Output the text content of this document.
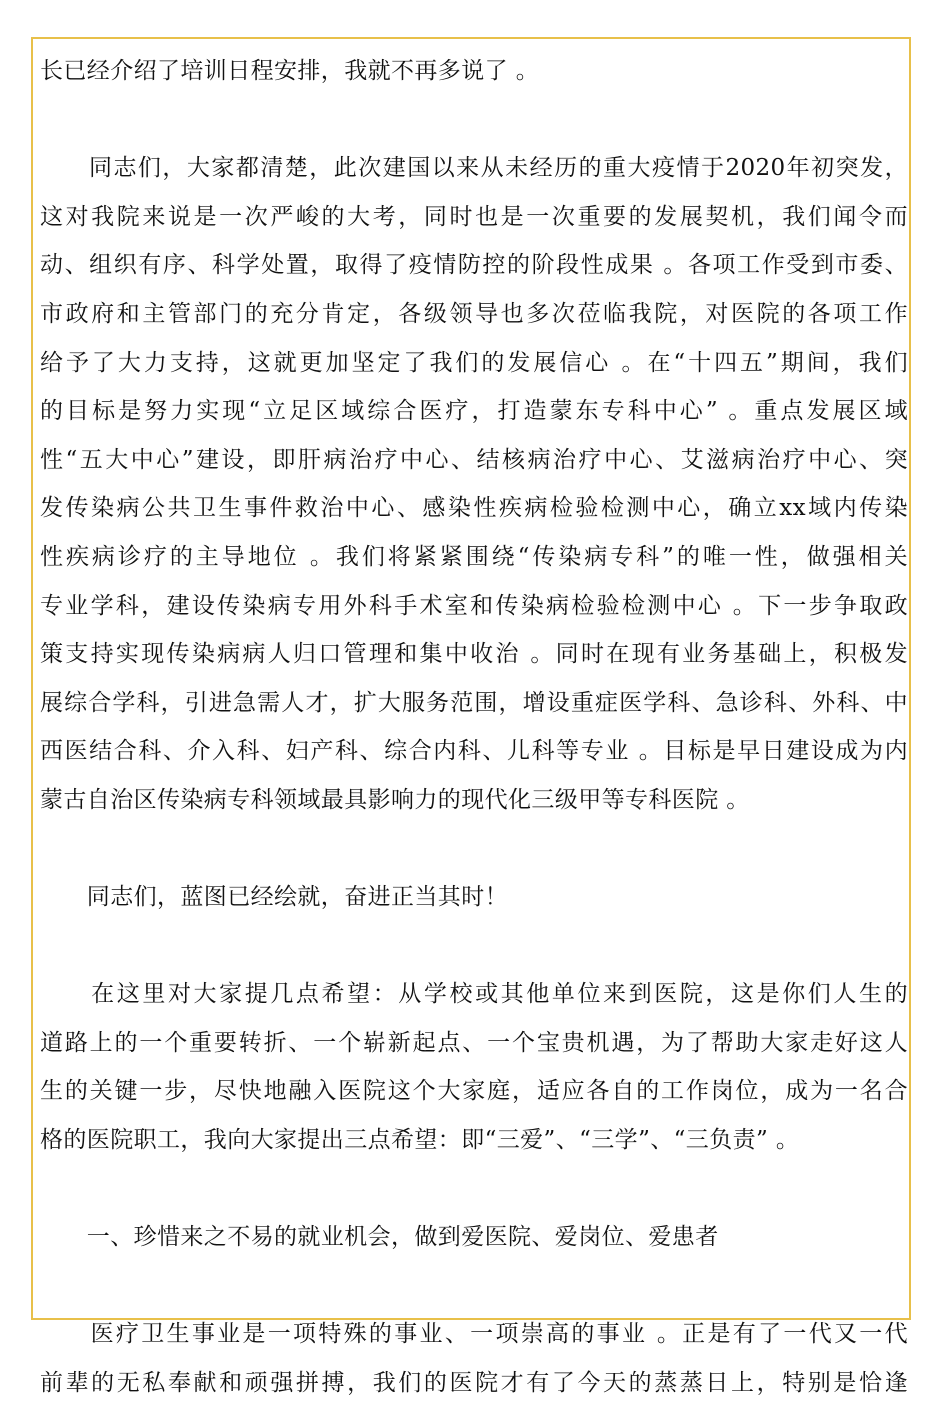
长已经介绍了培训日程安排，我就不再多说了 。
　　同志们，大家都清楚，此次建国以来从未经历的重大疫情于2020年初突发，
这对我院来说是一次严峻的大考，同时也是一次重要的发展契机，我们闻令而
动、组织有序、科学处置，取得了疫情防控的阶段性成果 。各项工作受到市委、
市政府和主管部门的充分肯定，各级领导也多次莅临我院，对医院的各项工作
给予了大力支持，这就更加坚定了我们的发展信心 。在“十四五”期间，我们
的目标是努力实现“立足区域综合医疗，打造蒙东专科中心” 。重点发展区域
性“五大中心”建设，即肝病治疗中心、结核病治疗中心、艾滋病治疗中心、突
发传染病公共卫生事件救治中心、感染性疾病检验检测中心，确立xx域内传染
性疾病诊疗的主导地位 。我们将紧紧围绕“传染病专科”的唯一性，做强相关
专业学科，建设传染病专用外科手术室和传染病检验检测中心 。下一步争取政
策支持实现传染病病人归口管理和集中收治 。同时在现有业务基础上，积极发
展综合学科，引进急需人才，扩大服务范围，增设重症医学科、急诊科、外科、中
西医结合科、介入科、妇产科、综合内科、儿科等专业 。目标是早日建设成为内
蒙古自治区传染病专科领域最具影响力的现代化三级甲等专科医院 。
　　同志们，蓝图已经绘就，奋进正当其时！
　　在这里对大家提几点希望：从学校或其他单位来到医院，这是你们人生的
道路上的一个重要转折、一个崭新起点、一个宝贵机遇，为了帮助大家走好这人
生的关键一步，尽快地融入医院这个大家庭，适应各自的工作岗位，成为一名合
格的医院职工，我向大家提出三点希望：即“三爱”、“三学”、“三负责” 。
　　一、珍惜来之不易的就业机会，做到爱医院、爱岗位、爱患者
　　医疗卫生事业是一项特殊的事业、一项崇高的事业 。正是有了一代又一代
前辈的无私奉献和顽强拼搏，我们的医院才有了今天的蒸蒸日上，特别是恰逢
